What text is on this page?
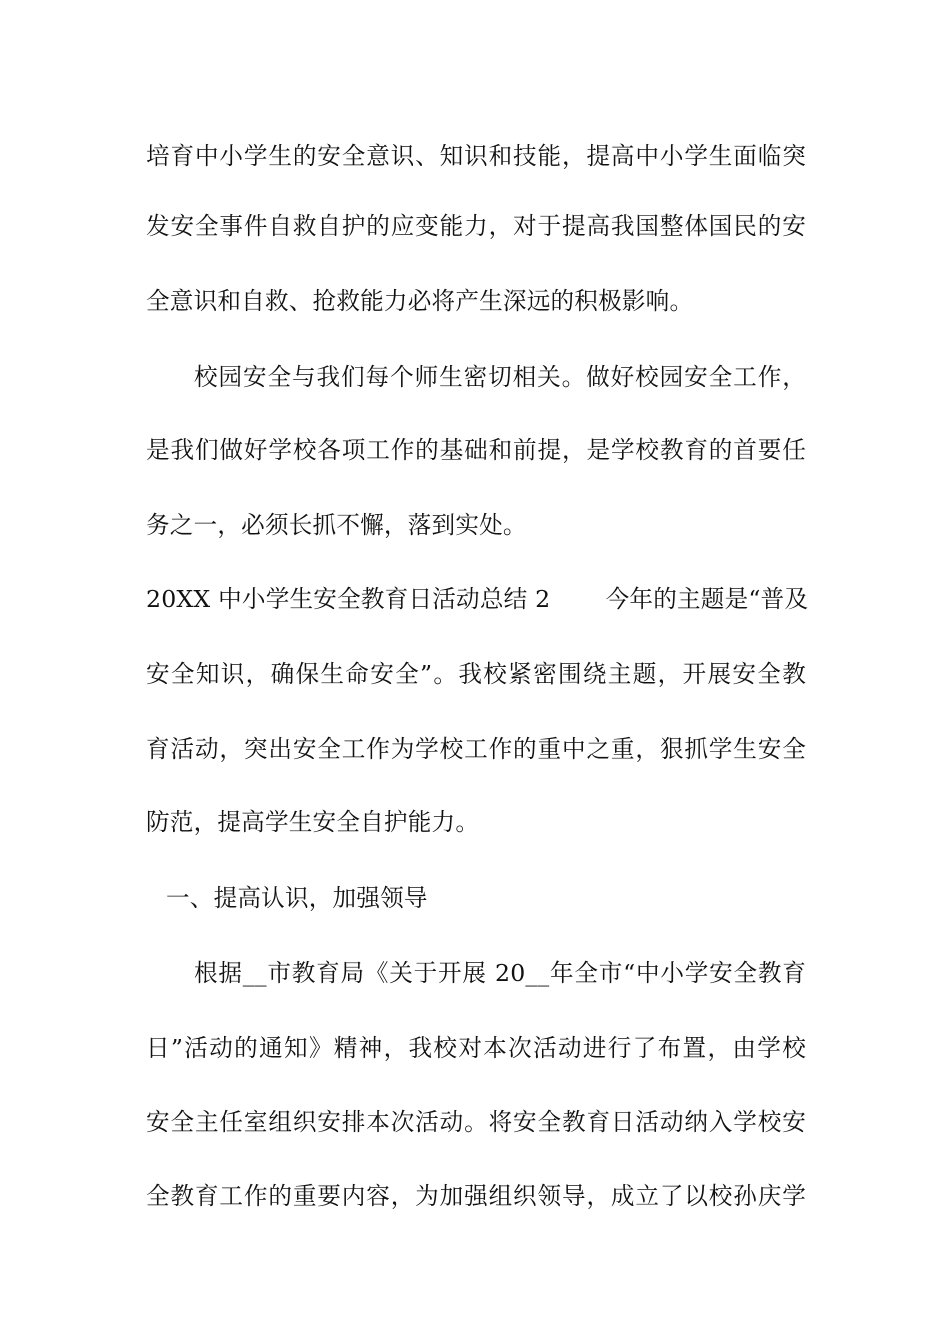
培育中小学生的安全意识、知识和技能，提高中小学生面临突
发安全事件自救自护的应变能力，对于提高我国整体国民的安
全意识和自救、抢救能力必将产生深远的积极影响。
校园安全与我们每个师生密切相关。做好校园安全工作，
是我们做好学校各项工作的基础和前提，是学校教育的首要任
务之一，必须长抓不懈，落到实处。
20XX 中小学生安全教育日活动总结 2　　 今年的主题是“普及
安全知识，确保生命安全”。我校紧密围绕主题，开展安全教
育活动，突出安全工作为学校工作的重中之重，狠抓学生安全
防范，提高学生安全自护能力。
一、提高认识，加强领导
根据__市教育局《关于开展 20__年全市“中小学安全教育
日”活动的通知》精神，我校对本次活动进行了布置，由学校
安全主任室组织安排本次活动。将安全教育日活动纳入学校安
全教育工作的重要内容，为加强组织领导，成立了以校孙庆学
